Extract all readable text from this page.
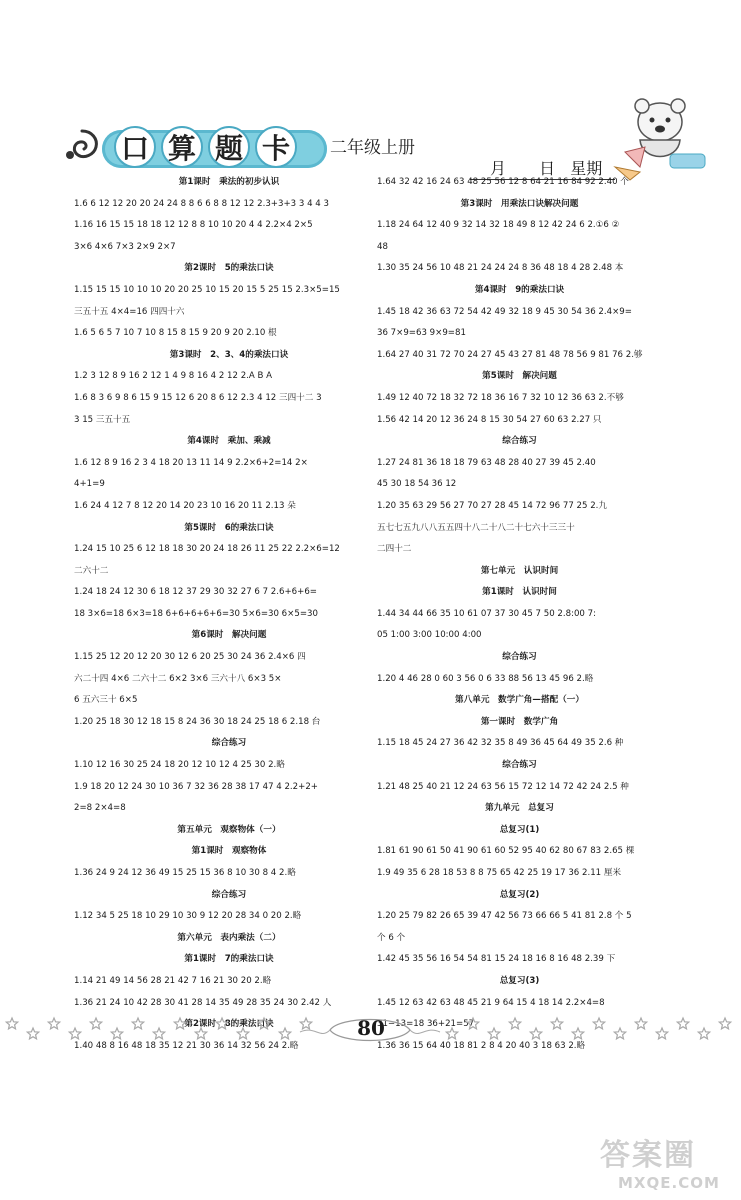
口 算 题 卡	二年级上册
月 日 星期
第1课时　乘法的初步认识
1.6 6 12 12 20 20 24 24 8 8 6 6 8 8 12 12 2.3+3+3 3 4 4 3
1.16 16 15 15 18 18 12 12 8 8 10 10 20 4 4 2.2×4 2×5
3×6 4×6 7×3 2×9 2×7
第2课时　5的乘法口诀
1.15 15 15 10 10 10 20 20 25 10 15 20 15 5 25 15 2.3×5=15
三五十五 4×4=16 四四十六
1.6 5 6 5 7 10 7 10 8 15 8 15 9 20 9 20 2.10 根
第3课时　2、3、4的乘法口诀
1.2 3 12 8 9 16 2 12 1 4 9 8 16 4 2 12 2.A B A
1.6 8 3 6 9 8 6 15 9 15 12 6 20 8 6 12 2.3 4 12 三四十二 3
3 15 三五十五
第4课时　乘加、乘减
1.6 12 8 9 16 2 3 4 18 20 13 11 14 9 2.2×6+2=14 2×
4+1=9
1.6 24 4 12 7 8 12 20 14 20 23 10 16 20 11 2.13 朵
第5课时　6的乘法口诀
1.24 15 10 25 6 12 18 18 30 20 24 18 26 11 25 22 2.2×6=12
二六十二
1.24 18 24 12 30 6 18 12 37 29 30 32 27 6 7 2.6+6+6=
18 3×6=18 6×3=18 6+6+6+6+6=30 5×6=30 6×5=30
第6课时　解决问题
1.15 25 12 20 12 20 30 12 6 20 25 30 24 36 2.4×6 四
六二十四 4×6 二六十二 6×2 3×6 三六十八 6×3 5×
6 五六三十 6×5
1.20 25 18 30 12 18 15 8 24 36 30 18 24 25 18 6 2.18 台
综合练习
1.10 12 16 30 25 24 18 20 12 10 12 4 25 30 2.略
1.9 18 20 12 24 30 10 36 7 32 36 28 38 17 47 4 2.2+2+
2=8 2×4=8
第五单元　观察物体（一）
第1课时　观察物体
1.36 24 9 24 12 36 49 15 25 15 36 8 10 30 8 4 2.略
综合练习
1.12 34 5 25 18 10 29 10 30 9 12 20 28 34 0 20 2.略
第六单元　表内乘法（二）
第1课时　7的乘法口诀
1.14 21 49 14 56 28 21 42 7 16 21 30 20 2.略
1.36 21 24 10 42 28 30 41 28 14 35 49 28 35 24 30 2.42 人
第2课时　8的乘法口诀
1.40 48 8 16 48 18 35 12 21 30 36 14 32 56 24 2.略
1.64 32 42 16 24 63 48 25 56 12 8 64 21 16 84 92 2.40 个
第3课时　用乘法口诀解决问题
1.18 24 64 12 40 9 32 14 32 18 49 8 12 42 24 6 2.①6 ②
48
1.30 35 24 56 10 48 21 24 24 24 8 36 48 18 4 28 2.48 本
第4课时　9的乘法口诀
1.45 18 42 36 63 72 54 42 49 32 18 9 45 30 54 36 2.4×9=
36 7×9=63 9×9=81
1.64 27 40 31 72 70 24 27 45 43 27 81 48 78 56 9 81 76 2.够
第5课时　解决问题
1.49 12 40 72 18 32 72 18 36 16 7 32 10 12 36 63 2.不够
1.56 42 14 20 12 36 24 8 15 30 54 27 60 63 2.27 只
综合练习
1.27 24 81 36 18 18 79 63 48 28 40 27 39 45 2.40
45 30 18 54 36 12
1.20 35 63 29 56 27 70 27 28 45 14 72 96 77 25 2.九
五七七五九八八五五四十八二十八二十七六十三三十
二四十二
第七单元　认识时间
第1课时　认识时间
1.44 34 44 66 35 10 61 07 37 30 45 7 50 2.8:00 7:
05 1:00 3:00 10:00 4:00
综合练习
1.20 4 46 28 0 60 3 56 0 6 33 88 56 13 45 96 2.略
第八单元　数学广角—搭配（一）
第一课时　数学广角
1.15 18 45 24 27 36 42 32 35 8 49 36 45 64 49 35 2.6 种
综合练习
1.21 48 25 40 21 12 24 63 56 15 72 12 14 72 42 24 2.5 种
第九单元　总复习
总复习(1)
1.81 61 90 61 50 41 90 61 60 52 95 40 62 80 67 83 2.65 棵
1.9 49 35 6 28 18 53 8 8 75 65 42 25 19 17 36 2.11 厘米
总复习(2)
1.20 25 79 82 26 65 39 47 42 56 73 66 66 5 41 81 2.8 个 5
个 6 个
1.42 45 35 56 16 54 54 81 15 24 18 16 8 16 48 2.39 下
总复习(3)
1.45 12 63 42 63 48 45 21 9 64 15 4 18 14 2.2×4=8
31−13=18 36+21=57
1.36 36 15 64 40 18 81 2 8 4 20 40 3 18 63 2.略
80
答案圈
MXQE.COM
